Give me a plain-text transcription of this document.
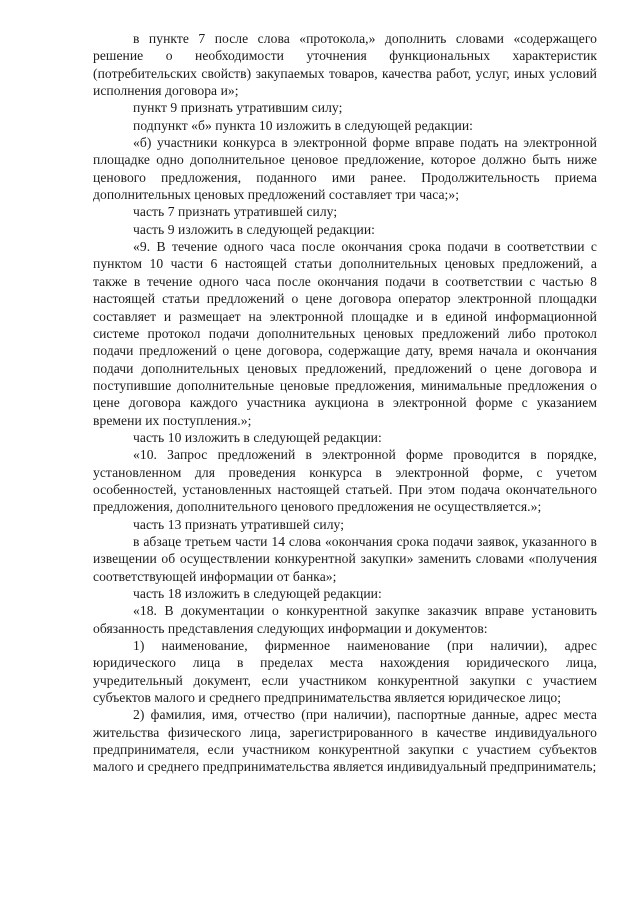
в пункте 7 после слова «протокола,» дополнить словами «содержащего решение о необходимости уточнения функциональных характеристик (потребительских свойств) закупаемых товаров, качества работ, услуг, иных условий исполнения договора и»;

пункт 9 признать утратившим силу;

подпункт «б» пункта 10 изложить в следующей редакции:

«б) участники конкурса в электронной форме вправе подать на электронной площадке одно дополнительное ценовое предложение, которое должно быть ниже ценового предложения, поданного ими ранее. Продолжительность приема дополнительных ценовых предложений составляет три часа;»;

часть 7 признать утратившей силу;

часть 9 изложить в следующей редакции:

«9. В течение одного часа после окончания срока подачи в соответствии с пунктом 10 части 6 настоящей статьи дополнительных ценовых предложений, а также в течение одного часа после окончания подачи в соответствии с частью 8 настоящей статьи предложений о цене договора оператор электронной площадки составляет и размещает на электронной площадке и в единой информационной системе протокол подачи дополнительных ценовых предложений либо протокол подачи предложений о цене договора, содержащие дату, время начала и окончания подачи дополнительных ценовых предложений, предложений о цене договора и поступившие дополнительные ценовые предложения, минимальные предложения о цене договора каждого участника аукциона в электронной форме с указанием времени их поступления.»;

часть 10 изложить в следующей редакции:

«10. Запрос предложений в электронной форме проводится в порядке, установленном для проведения конкурса в электронной форме, с учетом особенностей, установленных настоящей статьей. При этом подача окончательного предложения, дополнительного ценового предложения не осуществляется.»;

часть 13 признать утратившей силу;

в абзаце третьем части 14 слова «окончания срока подачи заявок, указанного в извещении об осуществлении конкурентной закупки» заменить словами «получения соответствующей информации от банка»;

часть 18 изложить в следующей редакции:

«18. В документации о конкурентной закупке заказчик вправе установить обязанность представления следующих информации и документов:

1) наименование, фирменное наименование (при наличии), адрес юридического лица в пределах места нахождения юридического лица, учредительный документ, если участником конкурентной закупки с участием субъектов малого и среднего предпринимательства является юридическое лицо;

2) фамилия, имя, отчество (при наличии), паспортные данные, адрес места жительства физического лица, зарегистрированного в качестве индивидуального предпринимателя, если участником конкурентной закупки с участием субъектов малого и среднего предпринимательства является индивидуальный предприниматель;
